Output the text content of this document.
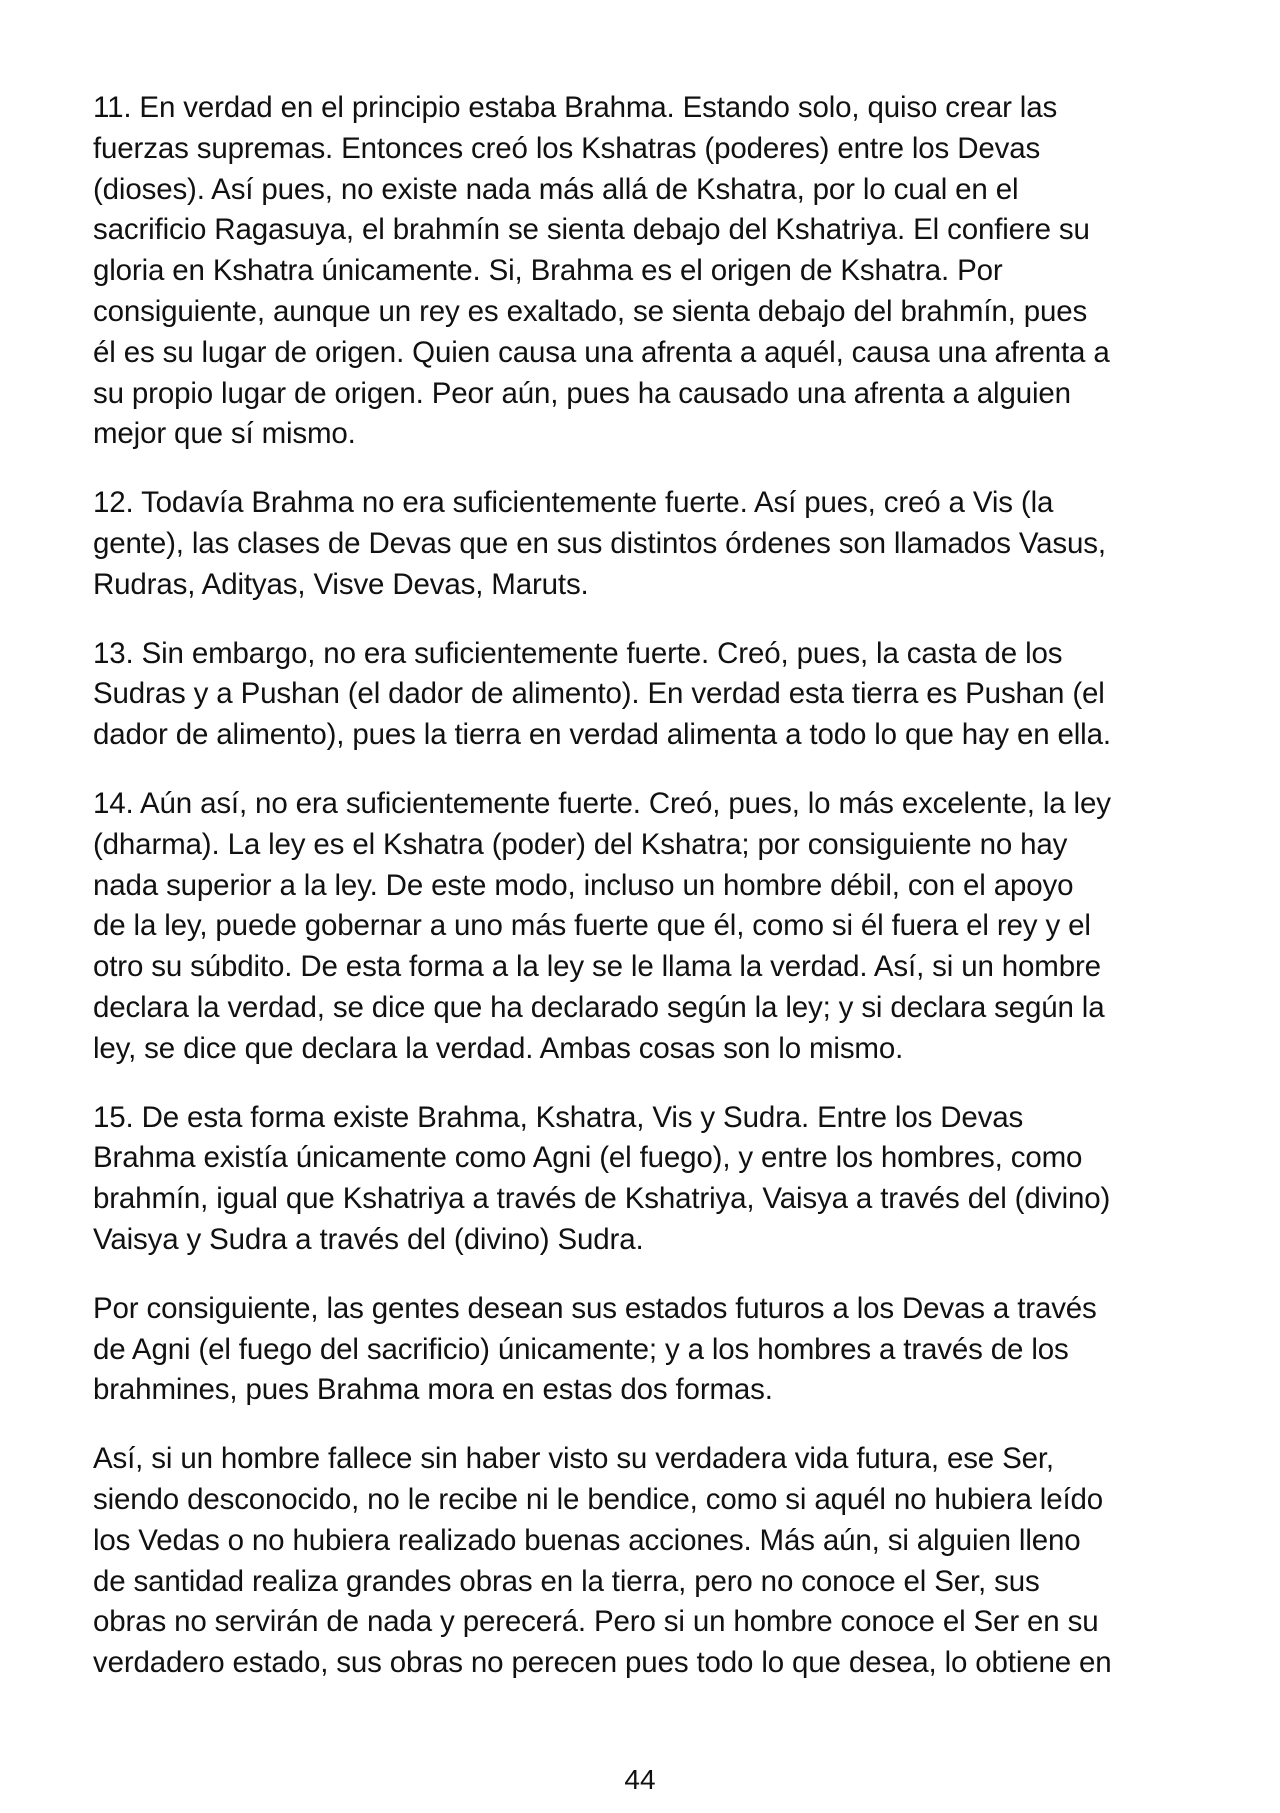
11. En verdad en el principio estaba Brahma. Estando solo, quiso crear las
fuerzas supremas. Entonces creó los Kshatras (poderes) entre los Devas
(dioses). Así pues, no existe nada más allá de Kshatra, por lo cual en el
sacrificio Ragasuya, el brahmín se sienta debajo del Kshatriya. El confiere su
gloria en Kshatra únicamente. Si, Brahma es el origen de Kshatra. Por
consiguiente, aunque un rey es exaltado, se sienta debajo del brahmín, pues
él es su lugar de origen. Quien causa una afrenta a aquél, causa una afrenta a
su propio lugar de origen. Peor aún, pues ha causado una afrenta a alguien
mejor que sí mismo.

12. Todavía Brahma no era suficientemente fuerte. Así pues, creó a Vis (la
gente), las clases de Devas que en sus distintos órdenes son llamados Vasus,
Rudras, Adityas, Visve Devas, Maruts.

13. Sin embargo, no era suficientemente fuerte. Creó, pues, la casta de los
Sudras y a Pushan (el dador de alimento). En verdad esta tierra es Pushan (el
dador de alimento), pues la tierra en verdad alimenta a todo lo que hay en ella.

14. Aún así, no era suficientemente fuerte. Creó, pues, lo más excelente, la ley
(dharma). La ley es el Kshatra (poder) del Kshatra; por consiguiente no hay
nada superior a la ley. De este modo, incluso un hombre débil, con el apoyo
de la ley, puede gobernar a uno más fuerte que él, como si él fuera el rey y el
otro su súbdito. De esta forma a la ley se le llama la verdad. Así, si un hombre
declara la verdad, se dice que ha declarado según la ley; y si declara según la
ley, se dice que declara la verdad. Ambas cosas son lo mismo.

15. De esta forma existe Brahma, Kshatra, Vis y Sudra. Entre los Devas
Brahma existía únicamente como Agni (el fuego), y entre los hombres, como
brahmín, igual que Kshatriya a través de Kshatriya, Vaisya a través del (divino)
Vaisya y Sudra a través del (divino) Sudra.

Por consiguiente, las gentes desean sus estados futuros a los Devas a través
de Agni (el fuego del sacrificio) únicamente; y a los hombres a través de los
brahmines, pues Brahma mora en estas dos formas.

Así, si un hombre fallece sin haber visto su verdadera vida futura, ese Ser,
siendo desconocido, no le recibe ni le bendice, como si aquél no hubiera leído
los Vedas o no hubiera realizado buenas acciones. Más aún, si alguien lleno
de santidad realiza grandes obras en la tierra, pero no conoce el Ser, sus
obras no servirán de nada y perecerá. Pero si un hombre conoce el Ser en su
verdadero estado, sus obras no perecen pues todo lo que desea, lo obtiene en

44
